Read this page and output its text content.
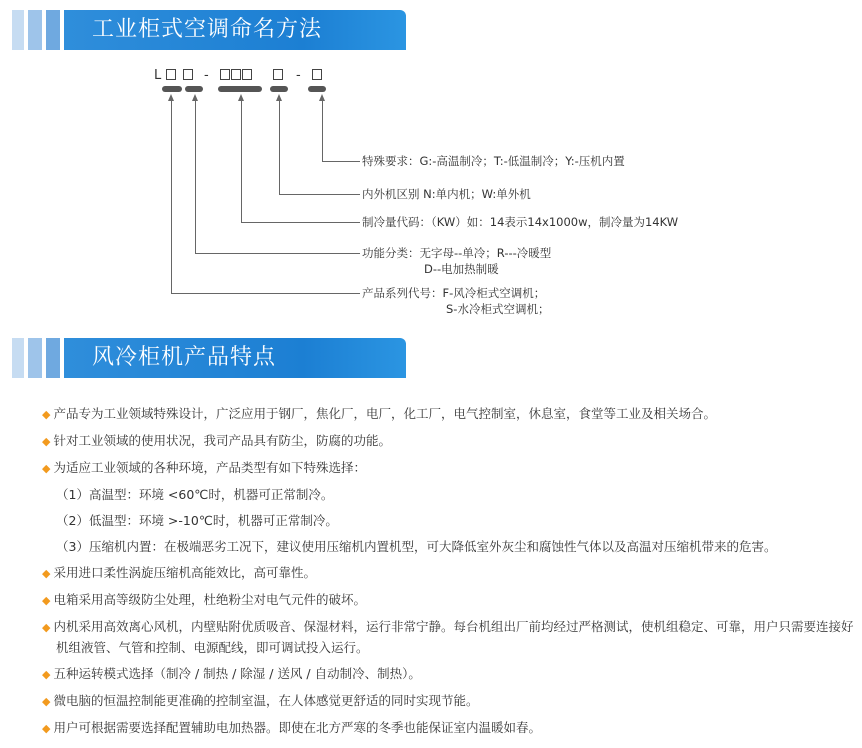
工业柜式空调命名方法
L	-	-
特殊要求：G:-高温制冷；T:-低温制冷；Y:-压机内置
内外机区别 N:单内机；W:单外机
制冷量代码：（KW）如：14表示14x1000w，制冷量为14KW
功能分类：无字母--单冷；R---冷暖型
D--电加热制暖
产品系列代号：F-风冷柜式空调机；
S-水冷柜式空调机；
风冷柜机产品特点
◆ 产品专为工业领域特殊设计，广泛应用于钢厂，焦化厂，电厂，化工厂，电气控制室，休息室，食堂等工业及相关场合。
◆ 针对工业领域的使用状况，我司产品具有防尘，防腐的功能。
◆ 为适应工业领域的各种环境，产品类型有如下特殊选择：
（1）高温型：环境 <60℃时，机器可正常制冷。
（2）低温型：环境 >-10℃时，机器可正常制冷。
（3）压缩机内置：在极端恶劣工况下，建议使用压缩机内置机型，可大降低室外灰尘和腐蚀性气体以及高温对压缩机带来的危害。
◆ 采用进口柔性涡旋压缩机高能效比，高可靠性。
◆ 电箱采用高等级防尘处理，杜绝粉尘对电气元件的破坏。
◆ 内机采用高效离心风机，内壁贴附优质吸音、保湿材料，运行非常宁静。每台机组出厂前均经过严格测试，使机组稳定、可靠，用户只需要连接好机组液管、气管和控制、电源配线，即可调试投入运行。
◆ 五种运转模式选择（制冷 / 制热 / 除湿 / 送风 / 自动制冷、制热）。
◆ 微电脑的恒温控制能更准确的控制室温，在人体感觉更舒适的同时实现节能。
◆ 用户可根据需要选择配置辅助电加热器。即使在北方严寒的冬季也能保证室内温暖如春。
